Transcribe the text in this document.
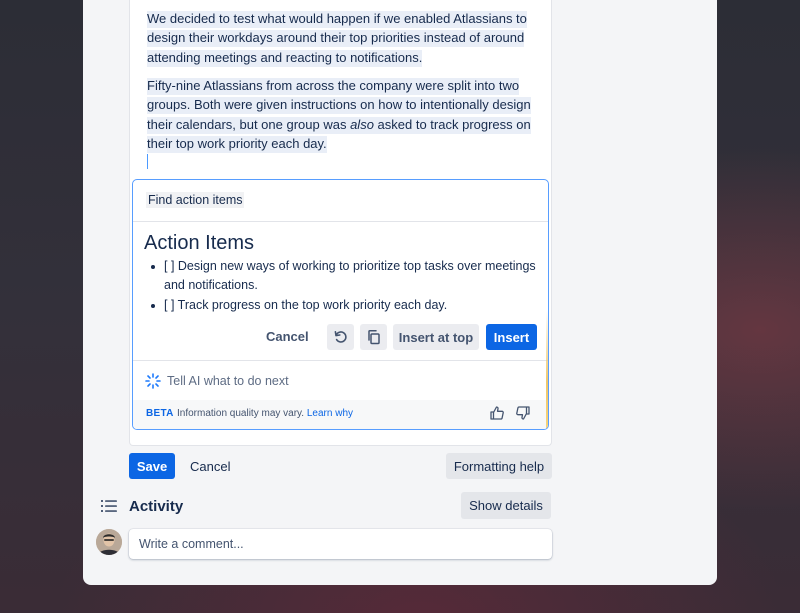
We decided to test what would happen if we enabled Atlassians to design their workdays around their top priorities instead of around attending meetings and reacting to notifications.

Fifty-nine Atlassians from across the company were split into two groups. Both were given instructions on how to intentionally design their calendars, but one group was also asked to track progress on their top work priority each day.

Find action items
Action Items
[ ] Design new ways of working to prioritize top tasks over meetings and notifications.
[ ] Track progress on the top work priority each day.
Cancel	Insert at top	Insert
Tell AI what to do next
BETA Information quality may vary. Learn why
Save	Cancel	Formatting help
Activity	Show details
Write a comment...
